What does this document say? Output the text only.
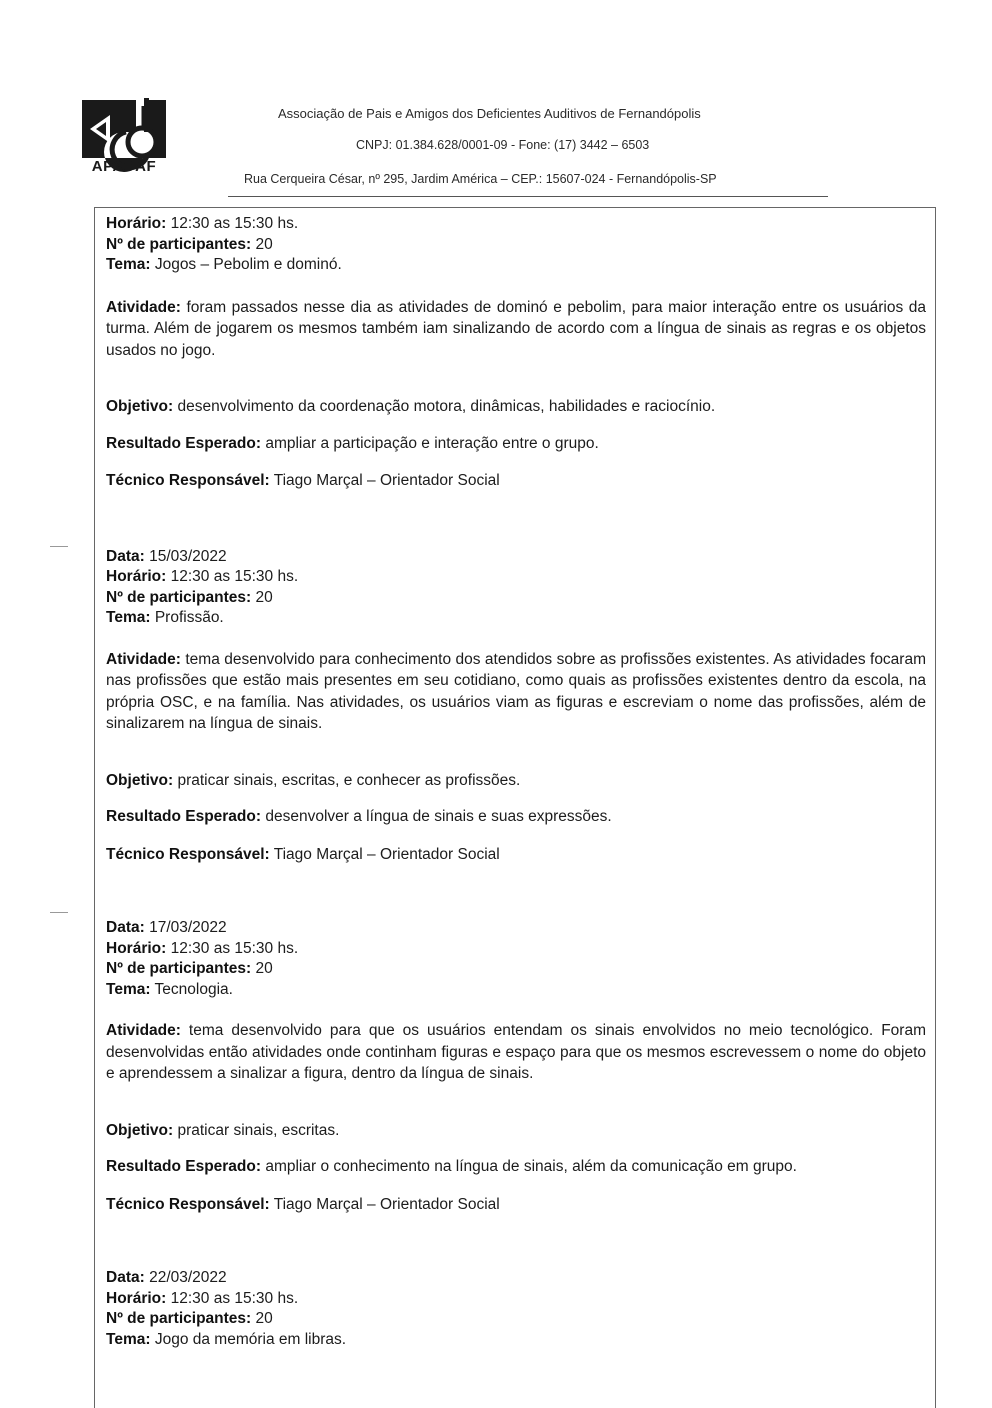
APADAF
Associação de Pais e Amigos dos Deficientes Auditivos de Fernandópolis
CNPJ: 01.384.628/0001-09 - Fone: (17) 3442 – 6503
Rua Cerqueira César, nº 295, Jardim América – CEP.: 15607-024 - Fernandópolis-SP
Horário: 12:30 as 15:30 hs.
Nº de participantes: 20
Tema: Jogos – Pebolim e dominó.
Atividade: foram passados nesse dia as atividades de dominó e pebolim, para maior interação entre os usuários da turma. Além de jogarem os mesmos também iam sinalizando de acordo com a língua de sinais as regras e os objetos usados no jogo.
Objetivo: desenvolvimento da coordenação motora, dinâmicas, habilidades e raciocínio.
Resultado Esperado: ampliar a participação e interação entre o grupo.
Técnico Responsável: Tiago Marçal – Orientador Social
Data: 15/03/2022
Horário: 12:30 as 15:30 hs.
Nº de participantes: 20
Tema: Profissão.
Atividade: tema desenvolvido para conhecimento dos atendidos sobre as profissões existentes. As atividades focaram nas profissões que estão mais presentes em seu cotidiano, como quais as profissões existentes dentro da escola, na própria OSC, e na família. Nas atividades, os usuários viam as figuras e escreviam o nome das profissões, além de sinalizarem na língua de sinais.
Objetivo: praticar sinais, escritas, e conhecer as profissões.
Resultado Esperado: desenvolver a língua de sinais e suas expressões.
Técnico Responsável: Tiago Marçal – Orientador Social
Data: 17/03/2022
Horário: 12:30 as 15:30 hs.
Nº de participantes: 20
Tema: Tecnologia.
Atividade: tema desenvolvido para que os usuários entendam os sinais envolvidos no meio tecnológico. Foram desenvolvidas então atividades onde continham figuras e espaço para que os mesmos escrevessem o nome do objeto e aprendessem a sinalizar a figura, dentro da língua de sinais.
Objetivo: praticar sinais, escritas.
Resultado Esperado: ampliar o conhecimento na língua de sinais, além da comunicação em grupo.
Técnico Responsável: Tiago Marçal – Orientador Social
Data: 22/03/2022
Horário: 12:30 as 15:30 hs.
Nº de participantes: 20
Tema: Jogo da memória em libras.
